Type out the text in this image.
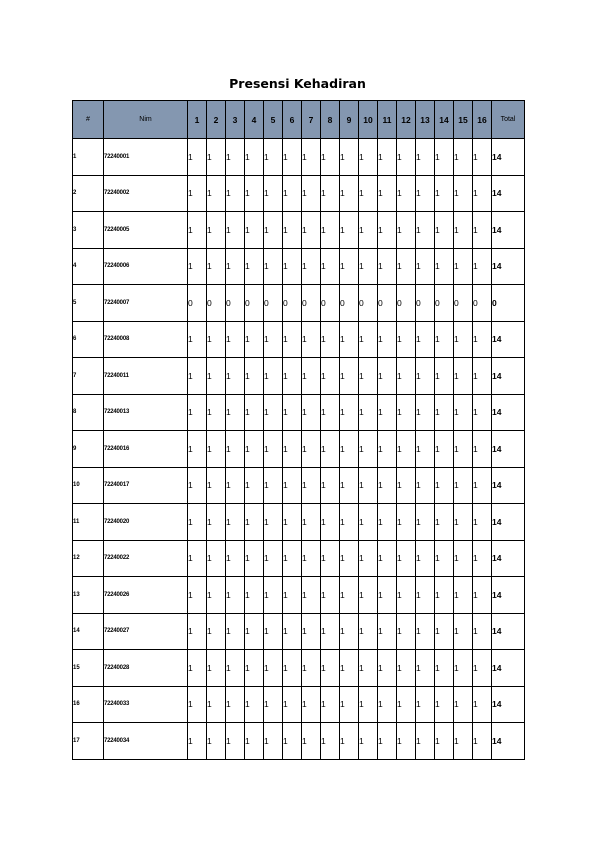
Presensi Kehadiran
#	Nim	1	2	3	4	5	6	7	8	9	10	11	12	13	14	15	16	Total
1	72240001	1	1	1	1	1	1	1	1	1	1	1	1	1	1	1	1	14
2	72240002	1	1	1	1	1	1	1	1	1	1	1	1	1	1	1	1	14
3	72240005	1	1	1	1	1	1	1	1	1	1	1	1	1	1	1	1	14
4	72240006	1	1	1	1	1	1	1	1	1	1	1	1	1	1	1	1	14
5	72240007	0	0	0	0	0	0	0	0	0	0	0	0	0	0	0	0	0
6	72240008	1	1	1	1	1	1	1	1	1	1	1	1	1	1	1	1	14
7	72240011	1	1	1	1	1	1	1	1	1	1	1	1	1	1	1	1	14
8	72240013	1	1	1	1	1	1	1	1	1	1	1	1	1	1	1	1	14
9	72240016	1	1	1	1	1	1	1	1	1	1	1	1	1	1	1	1	14
10	72240017	1	1	1	1	1	1	1	1	1	1	1	1	1	1	1	1	14
11	72240020	1	1	1	1	1	1	1	1	1	1	1	1	1	1	1	1	14
12	72240022	1	1	1	1	1	1	1	1	1	1	1	1	1	1	1	1	14
13	72240026	1	1	1	1	1	1	1	1	1	1	1	1	1	1	1	1	14
14	72240027	1	1	1	1	1	1	1	1	1	1	1	1	1	1	1	1	14
15	72240028	1	1	1	1	1	1	1	1	1	1	1	1	1	1	1	1	14
16	72240033	1	1	1	1	1	1	1	1	1	1	1	1	1	1	1	1	14
17	72240034	1	1	1	1	1	1	1	1	1	1	1	1	1	1	1	1	14
